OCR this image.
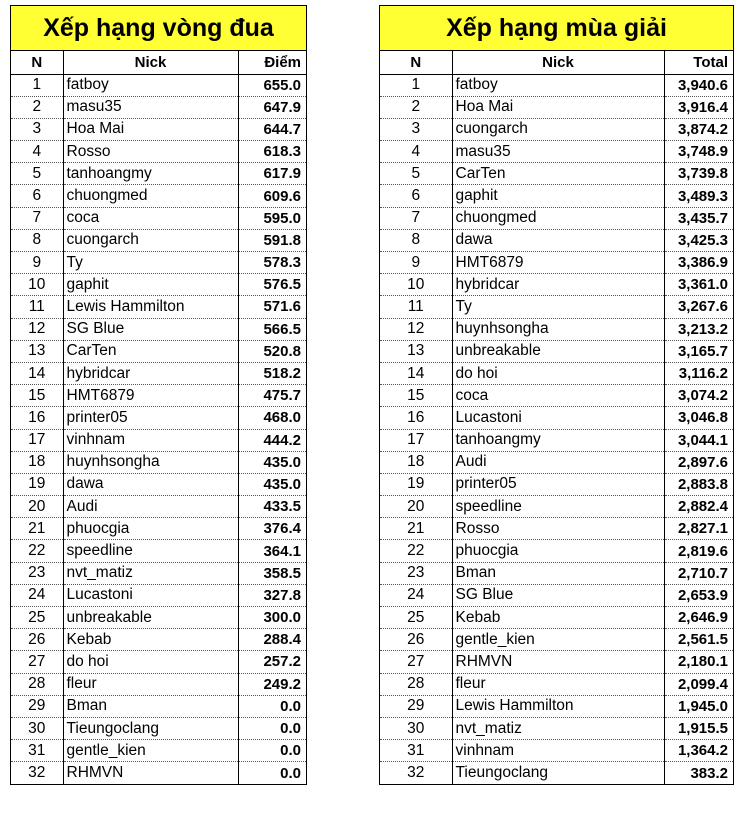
Xếp hạng vòng đua
N	Nick	Điểm
1	fatboy	655.0
2	masu35	647.9
3	Hoa Mai	644.7
4	Rosso	618.3
5	tanhoangmy	617.9
6	chuongmed	609.6
7	coca	595.0
8	cuongarch	591.8
9	Ty	578.3
10	gaphit	576.5
11	Lewis Hammilton	571.6
12	SG Blue	566.5
13	CarTen	520.8
14	hybridcar	518.2
15	HMT6879	475.7
16	printer05	468.0
17	vinhnam	444.2
18	huynhsongha	435.0
19	dawa	435.0
20	Audi	433.5
21	phuocgia	376.4
22	speedline	364.1
23	nvt_matiz	358.5
24	Lucastoni	327.8
25	unbreakable	300.0
26	Kebab	288.4
27	do hoi	257.2
28	fleur	249.2
29	Bman	0.0
30	Tieungoclang	0.0
31	gentle_kien	0.0
32	RHMVN	0.0
Xếp hạng mùa giải
N	Nick	Total
1	fatboy	3,940.6
2	Hoa Mai	3,916.4
3	cuongarch	3,874.2
4	masu35	3,748.9
5	CarTen	3,739.8
6	gaphit	3,489.3
7	chuongmed	3,435.7
8	dawa	3,425.3
9	HMT6879	3,386.9
10	hybridcar	3,361.0
11	Ty	3,267.6
12	huynhsongha	3,213.2
13	unbreakable	3,165.7
14	do hoi	3,116.2
15	coca	3,074.2
16	Lucastoni	3,046.8
17	tanhoangmy	3,044.1
18	Audi	2,897.6
19	printer05	2,883.8
20	speedline	2,882.4
21	Rosso	2,827.1
22	phuocgia	2,819.6
23	Bman	2,710.7
24	SG Blue	2,653.9
25	Kebab	2,646.9
26	gentle_kien	2,561.5
27	RHMVN	2,180.1
28	fleur	2,099.4
29	Lewis Hammilton	1,945.0
30	nvt_matiz	1,915.5
31	vinhnam	1,364.2
32	Tieungoclang	383.2
